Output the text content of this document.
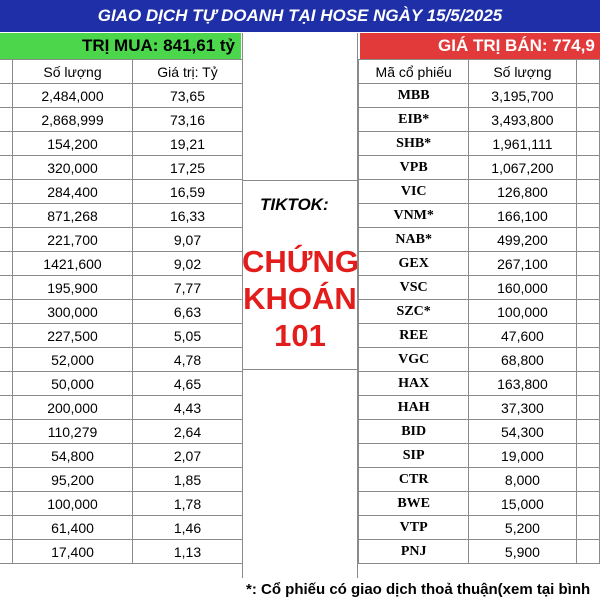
GIAO DỊCH TỰ DOANH TẠI HOSE NGÀY 15/5/2025
TRỊ MUA: 841,61 tỷ	GIÁ TRỊ BÁN: 774,9
	Số lượng	Giá trị: Tỷ
	2,484,000	73,65
	2,868,999	73,16
	154,200	19,21
	320,000	17,25
	284,400	16,59
	871,268	16,33
	221,700	9,07
	1421,600	9,02
	195,900	7,77
	300,000	6,63
	227,500	5,05
	52,000	4,78
	50,000	4,65
	200,000	4,43
	110,279	2,64
	54,800	2,07
	95,200	1,85
	100,000	1,78
	61,400	1,46
	17,400	1,13
TIKTOK:
CHỨNG
KHOÁN
101
Mã cổ phiếu	Số lượng	
MBB	3,195,700	
EIB*	3,493,800	
SHB*	1,961,111	
VPB	1,067,200	
VIC	126,800	
VNM*	166,100	
NAB*	499,200	
GEX	267,100	
VSC	160,000	
SZC*	100,000	
REE	47,600	
VGC	68,800	
HAX	163,800	
HAH	37,300	
BID	54,300	
SIP	19,000	
CTR	8,000	
BWE	15,000	
VTP	5,200	
PNJ	5,900	
*: Cổ phiếu có giao dịch thoả thuận(xem tại bình
